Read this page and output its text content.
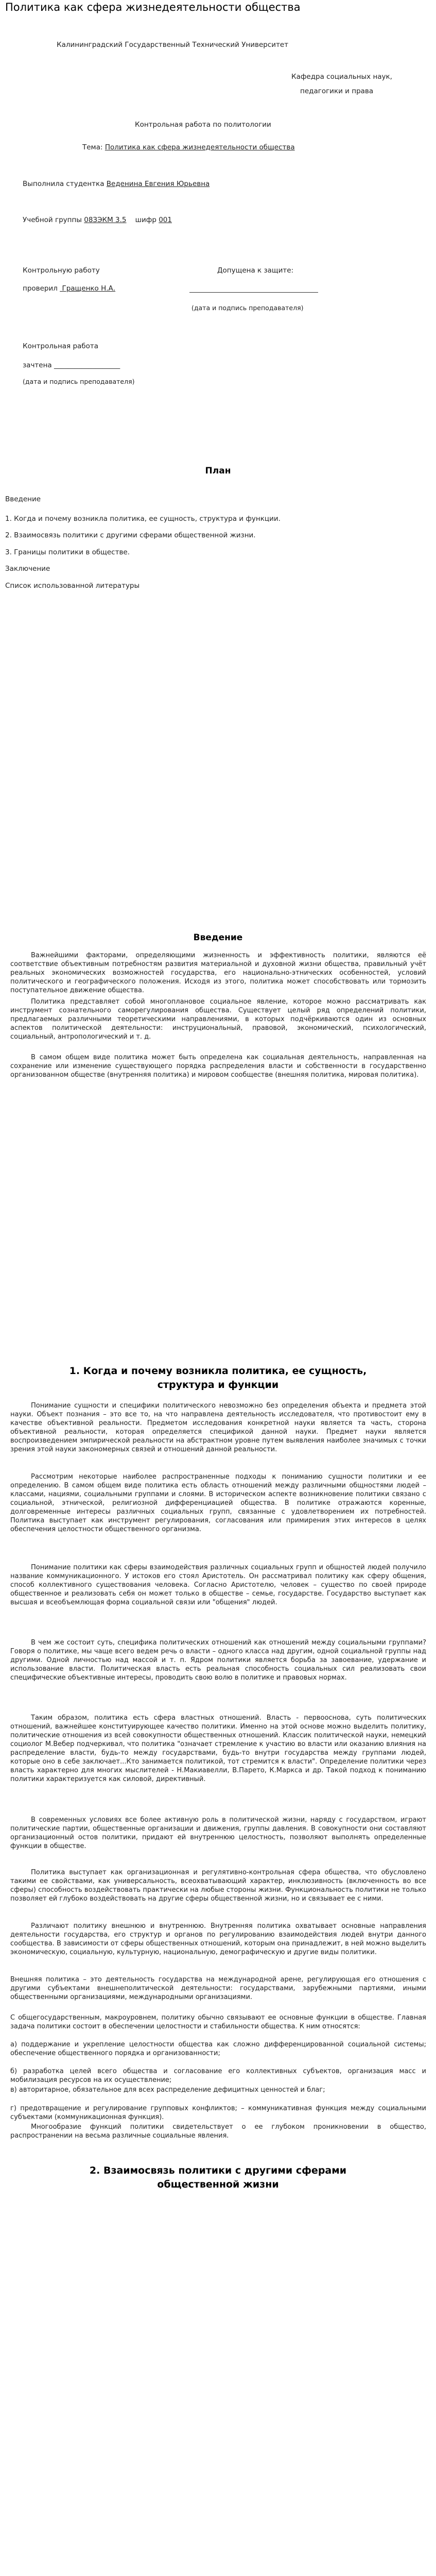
Политика как сфера жизнедеятельности общества

Калининградский Государственный Технический Университет

Кафедра социальных наук,

педагогики и права

Контрольная работа по политологии

Тема: Политика как сфера жизнедеятельности общества

Выполнила студентка Веденина Евгения Юрьевна

Учебной группы 08ЗЭКМ 3.5    шифр 001

Контрольную работу	Допущена к защите:

проверил  Гращенко Н.А.

(дата и подпись преподавателя)

Контрольная работа

зачтена ___________________

(дата и подпись преподавателя)

План

Введение

1. Когда и почему возникла политика, ее сущность, структура и функции.

2. Взаимосвязь политики с другими сферами общественной жизни.

3. Границы политики в обществе.

Заключение

Список использованной литературы

Введение

Важнейшими факторами, определяющими жизненность и эффективность политики, являются её соответствие объективным потребностям развития материальной и духовной жизни общества, правильный учёт реальных экономических возможностей государства, его национально-этнических особенностей, условий политического и географического положения. Исходя из этого, политика может способствовать или тормозить поступательное движение общества.

Политика представляет собой многоплановое социальное явление, которое можно рассматривать как инструмент сознательного саморегулирования общества. Существует целый ряд определений политики, предлагаемых различными теоретическими направлениями, в которых подчёркиваются один из основных аспектов политической деятельности: инструциональный, правовой, экономический, психологический, социальный, антропологический и т. д.

В самом общем виде политика может быть определена как социальная деятельность, направленная на сохранение или изменение существующего порядка распределения власти и собственности в государственно организованном обществе (внутренняя политика) и мировом сообществе (внешняя политика, мировая политика).

1. Когда и почему возникла политика, ее сущность,
структура и функции

Понимание сущности и специфики политического невозможно без определения объекта и предмета этой науки. Объект познания – это все то, на что направлена деятельность исследователя, что противостоит ему в качестве объективной реальности. Предметом исследования конкретной науки является та часть, сторона объективной реальности, которая определяется спецификой данной науки. Предмет науки является воспроизведением эмпирической реальности на абстрактном уровне путем выявления наиболее значимых с точки зрения этой науки закономерных связей и отношений данной реальности.

Рассмотрим некоторые наиболее распространенные подходы к пониманию сущности политики и ее определению. В самом общем виде политика есть область отношений между различными общностями людей – классами, нациями, социальными группами и слоями. В историческом аспекте возникновение политики связано с социальной, этнической, религиозной дифференциацией общества. В политике отражаются коренные, долговременные интересы различных социальных групп, связанные с удовлетворением их потребностей. Политика выступает как инструмент регулирования, согласования или примирения этих интересов в целях обеспечения целостности общественного организма.

Понимание политики как сферы взаимодействия различных социальных групп и общностей людей получило название коммуникационного. У истоков его стоял Аристотель. Он рассматривал политику как сферу общения, способ коллективного существования человека. Согласно Аристотелю, человек – существо по своей природе общественное и реализовать себя он может только в обществе – семье, государстве. Государство выступает как высшая и всеобъемлющая форма социальной связи или "общения" людей.

В чем же состоит суть, специфика политических отношений как отношений между социальными группами? Говоря о политике, мы чаще всего ведем речь о власти – одного класса над другим, одной социальной группы над другими. Одной личностью над массой и т. п. Ядром политики является борьба за завоевание, удержание и использование власти. Политическая власть есть реальная способность социальных сил реализовать свои специфические объективные интересы, проводить свою волю в политике и правовых нормах.

Таким образом, политика есть сфера властных отношений. Власть - первооснова, суть политических отношений, важнейшее конституирующее качество политики. Именно на этой основе можно выделить политику, политические отношения из всей совокупности общественных отношений. Классик политической науки, немецкий социолог М.Вебер подчеркивал, что политика "означает стремление к участию во власти или оказанию влияния на распределение власти, будь-то между государствами, будь-то внутри государства между группами людей, которые оно в себе заключает...Кто занимается политикой, тот стремится к власти". Определение политики через власть характерно для многих мыслителей - Н.Макиавелли, В.Парето, К.Маркса и др. Такой подход к пониманию политики характеризуется как силовой, директивный.

В современных условиях все более активную роль в политической жизни, наряду с государством, играют политические партии, общественные организации и движения, группы давления. В совокупности они составляют организационный остов политики, придают ей внутреннюю целостность, позволяют выполнять определенные функции в обществе.

Политика выступает как организационная и регулятивно-контрольная сфера общества, что обусловлено такими ее свойствами, как универсальность, всеохватывающий характер, инклюзивность (включенность во все сферы) способность воздействовать практически на любые стороны жизни. Функциональность политики не только позволяет ей глубоко воздействовать на другие сферы общественной жизни, но и связывает ее с ними.

Различают политику внешнюю и внутреннюю. Внутренняя политика охватывает основные направления деятельности государства, его структур и органов по регулированию взаимодействия людей внутри данного сообщества. В зависимости от сферы общественных отношений, которым она принадлежит, в ней можно выделить экономическую, социальную, культурную, национальную, демографическую и другие виды политики.

Внешняя политика – это деятельность государства на международной арене, регулирующая его отношения с другими субъектами внешнеполитической деятельности: государствами, зарубежными партиями, иными общественными организациями, международными организациями.

С общегосударственным, макроуровнем, политику обычно связывают ее основные функции в обществе. Главная задача политики состоит в обеспечении целостности и стабильности общества. К ним относятся:

а) поддержание и укрепление целостности общества как сложно дифференцированной социальной системы; обеспечение общественного порядка и организованности;

б) разработка целей всего общества и согласование его коллективных субъектов, организация масс и мобилизация ресурсов на их осуществление;

в) авторитарное, обязательное для всех распределение дефицитных ценностей и благ;

г) предотвращение и регулирование групповых конфликтов; – коммуникативная функция между социальными субъектами (коммуникационная функция).

Многообразие функций политики свидетельствует о ее глубоком проникновении в общество, распространении на весьма различные социальные явления.

2. Взаимосвязь политики с другими сферами
общественной жизни
